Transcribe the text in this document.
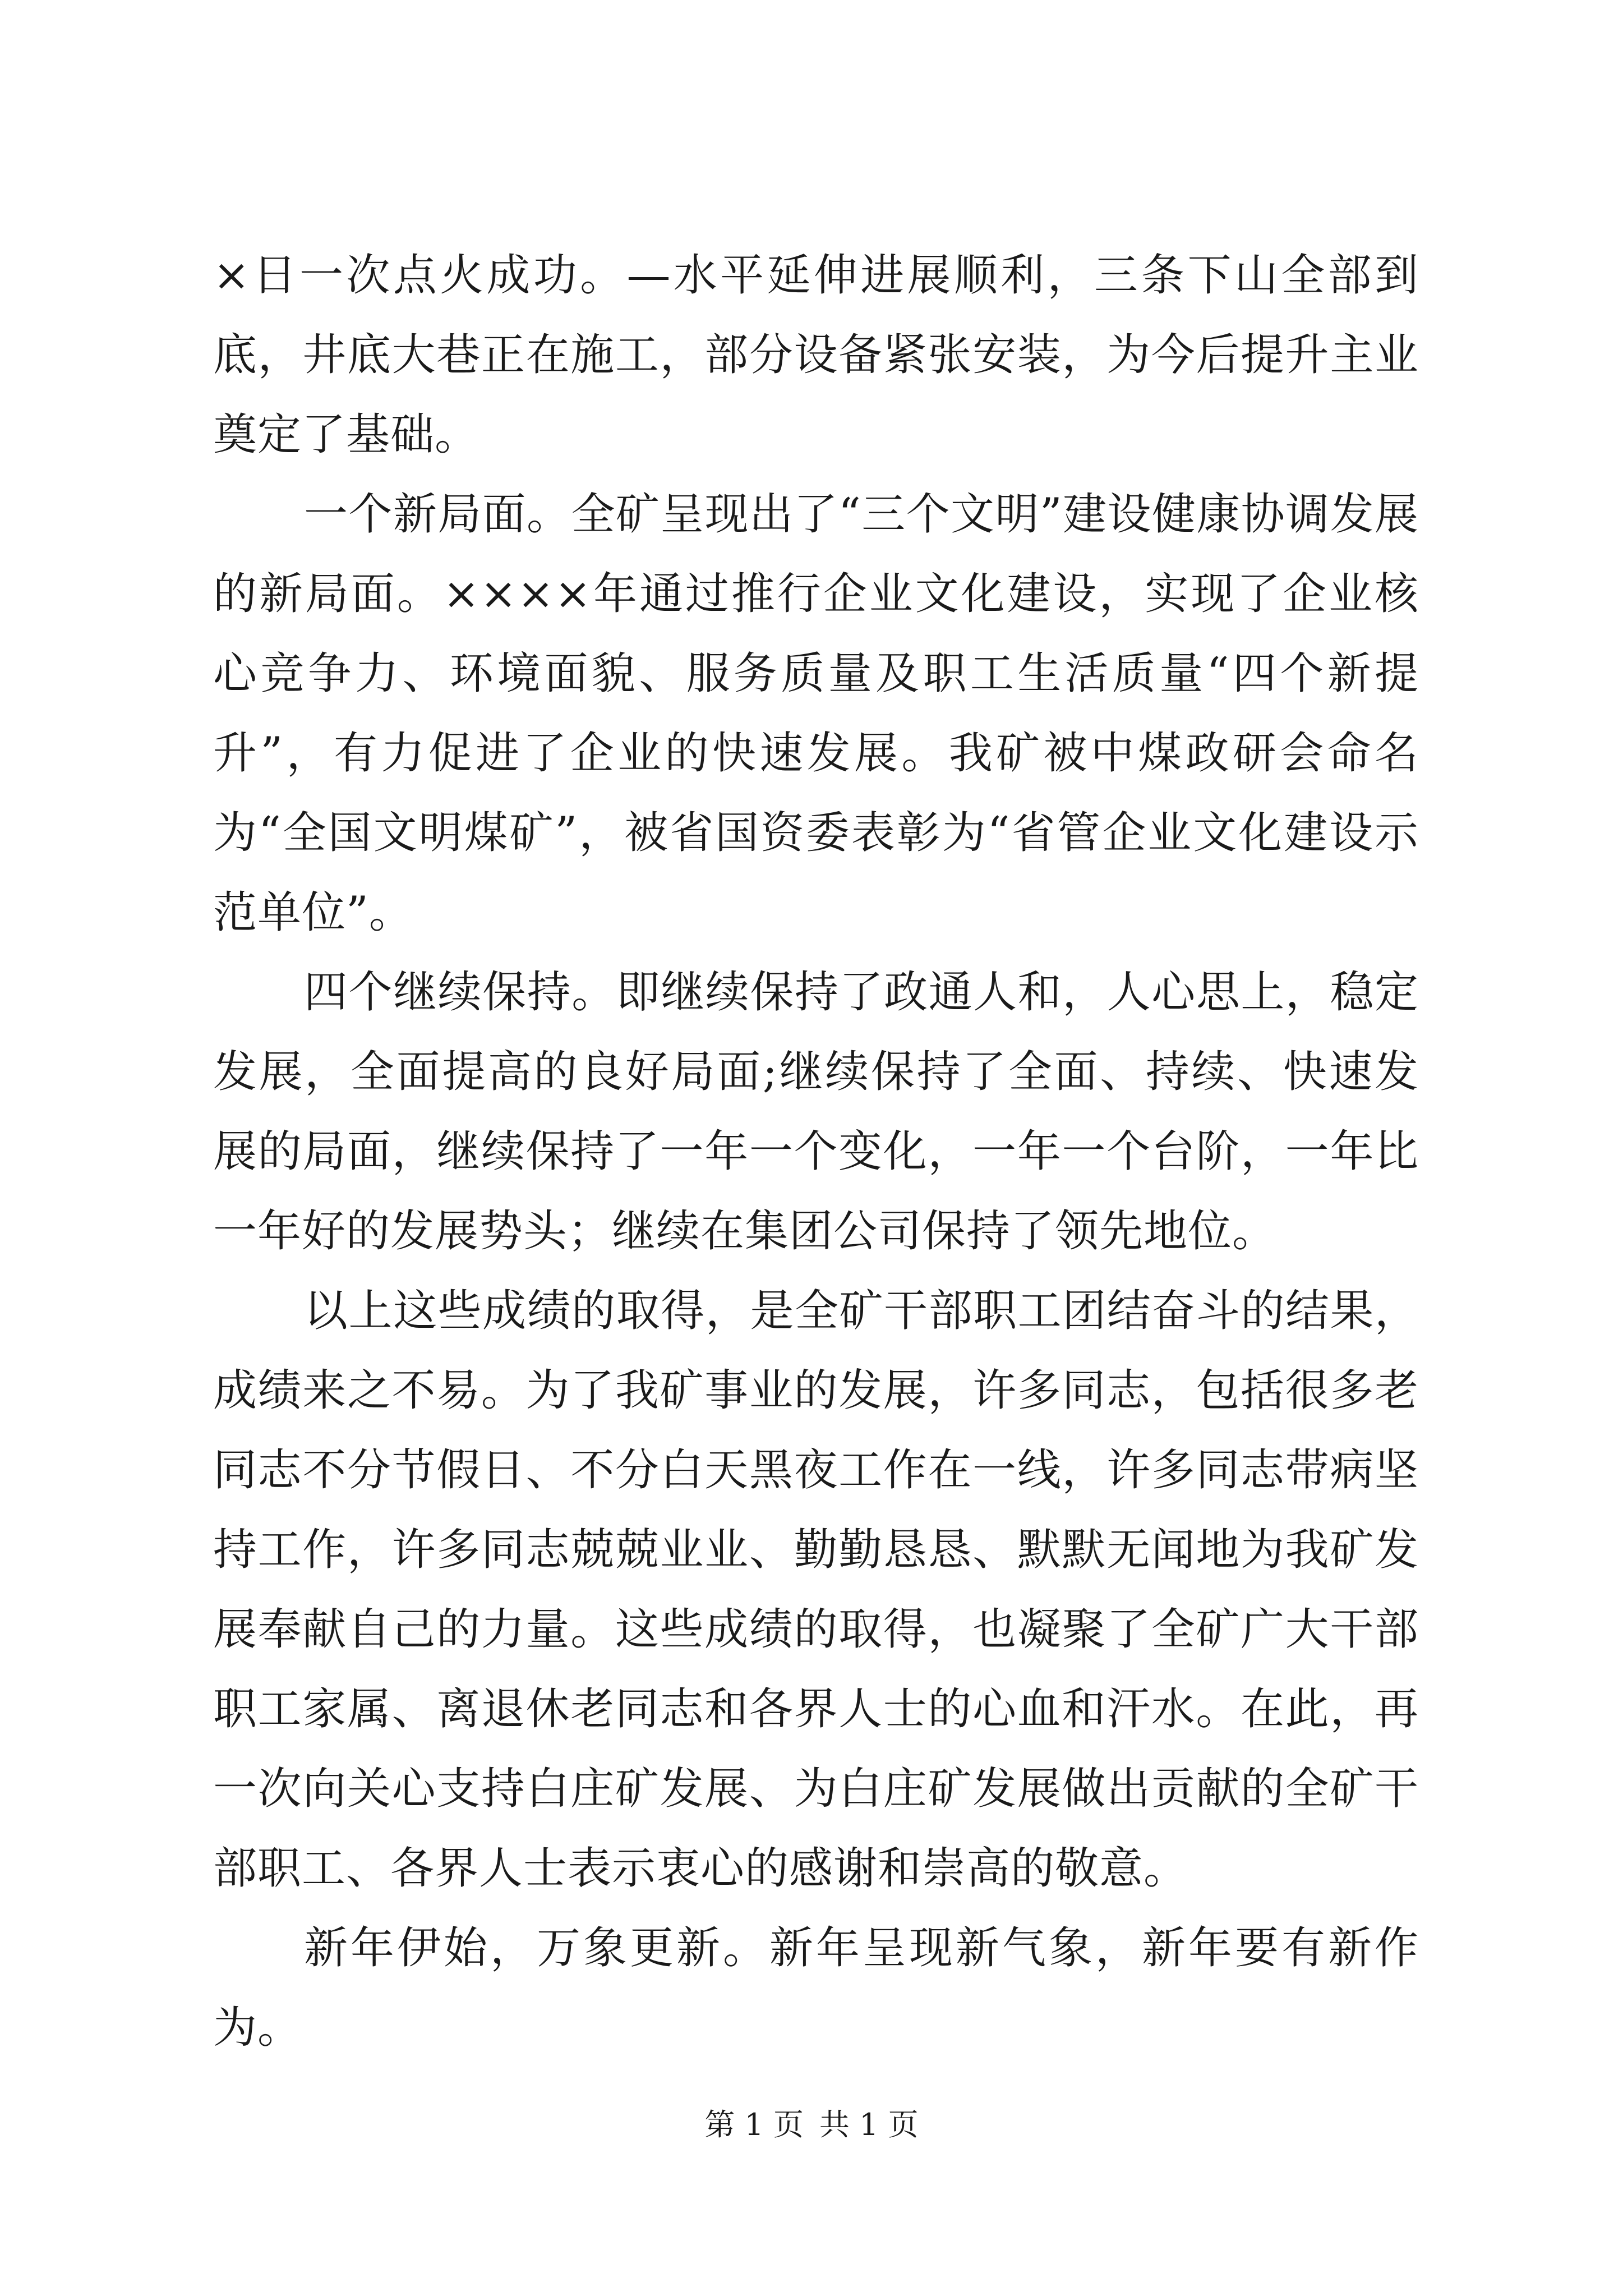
×日一次点火成功。—水平延伸进展顺利，三条下山全部到底，井底大巷正在施工，部分设备紧张安装，为今后提升主业奠定了基础。

一个新局面。全矿呈现出了“三个文明”建设健康协调发展的新局面。××××年通过推行企业文化建设，实现了企业核心竞争力、环境面貌、服务质量及职工生活质量“四个新提升”，有力促进了企业的快速发展。我矿被中煤政研会命名为“全国文明煤矿”，被省国资委表彰为“省管企业文化建设示范单位”。

四个继续保持。即继续保持了政通人和，人心思上，稳定发展，全面提高的良好局面;继续保持了全面、持续、快速发展的局面，继续保持了一年一个变化，一年一个台阶，一年比一年好的发展势头；继续在集团公司保持了领先地位。

以上这些成绩的取得，是全矿干部职工团结奋斗的结果，成绩来之不易。为了我矿事业的发展，许多同志，包括很多老同志不分节假日、不分白天黑夜工作在一线，许多同志带病坚持工作，许多同志兢兢业业、勤勤恳恳、默默无闻地为我矿发展奉献自己的力量。这些成绩的取得，也凝聚了全矿广大干部职工家属、离退休老同志和各界人士的心血和汗水。在此，再一次向关心支持白庄矿发展、为白庄矿发展做出贡献的全矿干部职工、各界人士表示衷心的感谢和崇高的敬意。

新年伊始，万象更新。新年呈现新气象，新年要有新作为。

第 1 页 共 1 页
